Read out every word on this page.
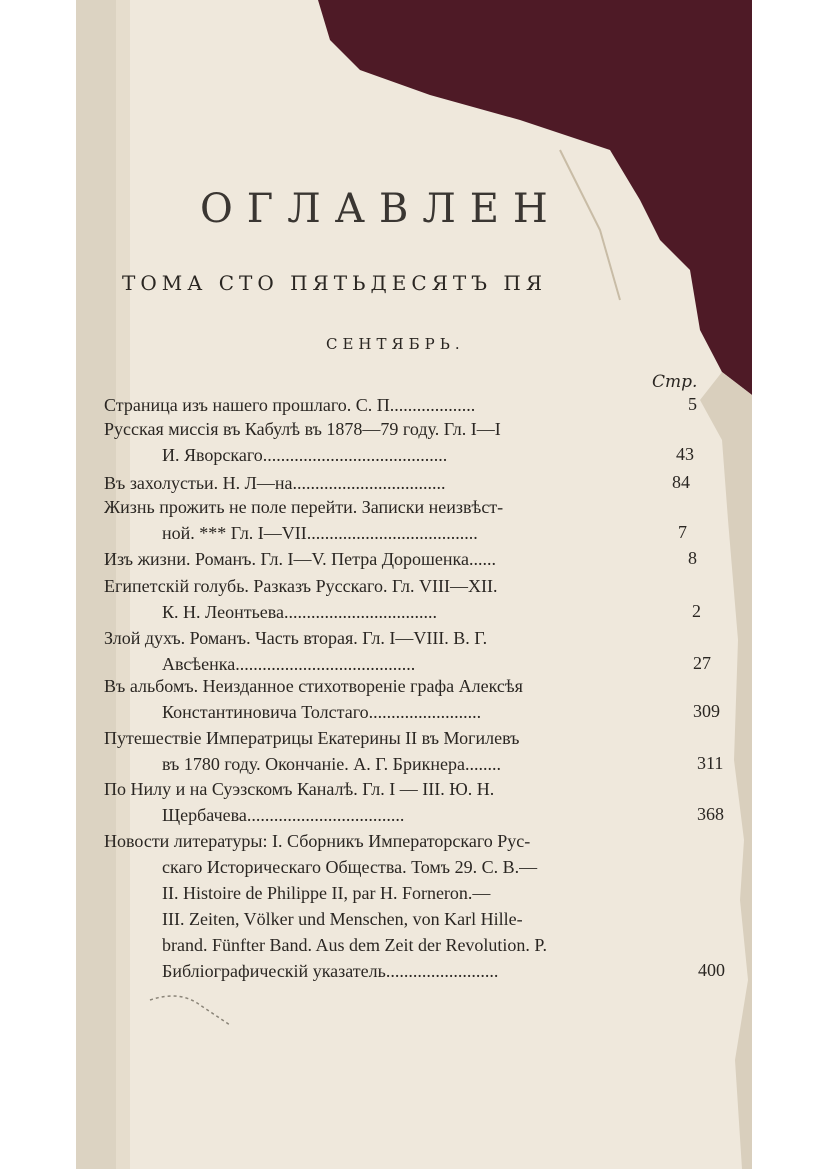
ОГЛАВЛЕН
ТОМА СТО ПЯТЬДЕСЯТЪ ПЯ
СЕНТЯБРЬ.
Стр.
Страница изъ нашего прошлаго. С. П...................	5
Русская миссія въ Кабулѣ въ 1878—79 году. Гл. I—I
И. Яворскаго.........................................	43
Въ захолустьи. Н. Л—на..................................	84
Жизнь прожить не поле перейти. Записки неизвѣст-
ной. *** Гл. I—VII......................................	7
Изъ жизни. Романъ. Гл. I—V. Петра Дорошенка......	8
Египетскій голубь. Разказъ Русскаго. Гл. VIII—XII.
К. Н. Леонтьева..................................	2
Злой духъ. Романъ. Часть вторая. Гл. I—VIII. В. Г.
Авсѣенка........................................	27
Въ альбомъ. Неизданное стихотвореніе графа Алексѣя
Константиновича Толстаго.........................	309
Путешествіе Императрицы Екатерины II въ Могилевъ
въ 1780 году. Окончаніе. А. Г. Брикнера........	311
По Нилу и на Суэзскомъ Каналѣ. Гл. I — III. Ю. Н.
Щербачева...................................	368
Новости литературы: I. Сборникъ Императорскаго Рус-
скаго Историческаго Общества. Томъ 29. С. В.—
II. Histoire de Philippe II, par H. Forneron.—
III. Zeiten, Völker und Menschen, von Karl Hille-
brand. Fünfter Band. Aus dem Zeit der Revolution. P.
Библіографическій указатель.........................	400
